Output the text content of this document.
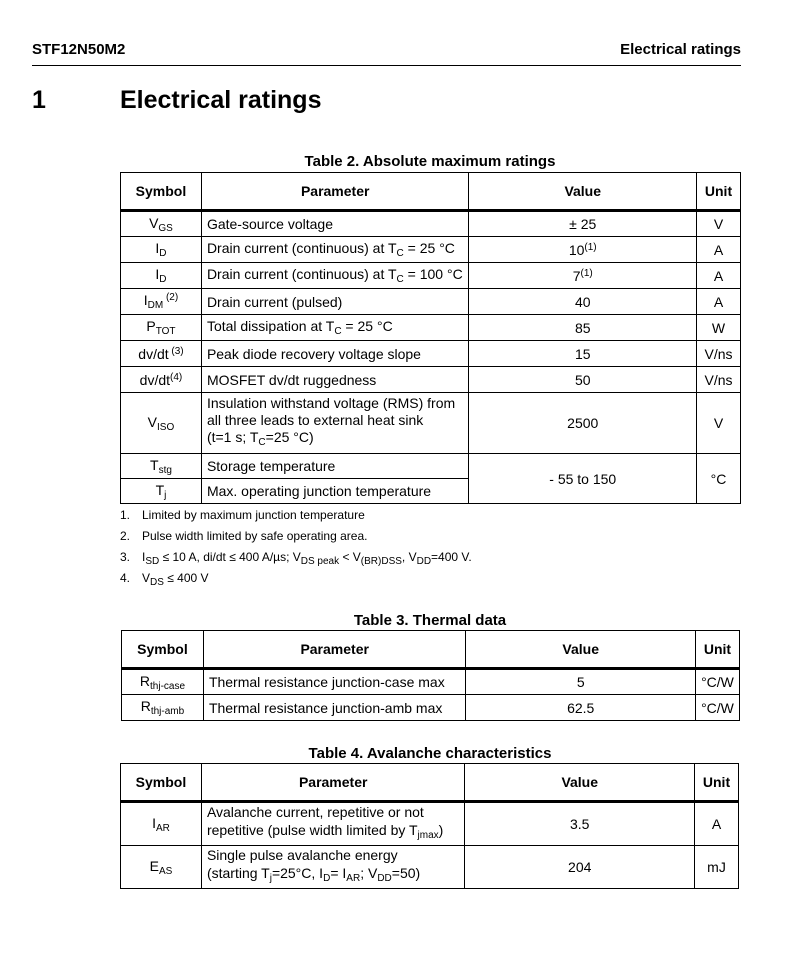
STF12N50M2	Electrical ratings
1	Electrical ratings
Table 2. Absolute maximum ratings
Symbol	Parameter	Value	Unit
$V_{GS}$	Gate-source voltage	± 25	V
$I_D$	Drain current (continuous) at $T_C = 25$ °C	10$^{(1)}$	A
$I_D$	Drain current (continuous) at $T_C = 100$ °C	7$^{(1)}$	A
$I_{DM}$ $^{(2)}$	Drain current (pulsed)	40	A
$P_{TOT}$	Total dissipation at $T_C = 25$ °C	85	W
dv/dt $^{(3)}$	Peak diode recovery voltage slope	15	V/ns
$dv/dt^{(4)}$	MOSFET dv/dt ruggedness	50	V/ns
$V_{ISO}$	Insulation withstand voltage (RMS) from
all three leads to external heat sink
(t=1 s; $T_C=25$ °C)	2500	V
$T_{stg}$	Storage temperature	- 55 to 150	°C
$T_j$	Max. operating junction temperature		
1. Limited by maximum junction temperature
2. Pulse width limited by safe operating area.
3. $I_{SD} \le 10$ A, di/dt ≤ 400 A/µs; $V_{DS peak} < V_{(BR)DSS}$, $V_{DD}=400$ V.
4. $V_{DS} \le 400$ V
Table 3. Thermal data
Symbol	Parameter	Value	Unit
$R_{thj-case}$	Thermal resistance junction-case max	5	°C/W
$R_{thj-amb}$	Thermal resistance junction-amb max	62.5	°C/W
Table 4. Avalanche characteristics
Symbol	Parameter	Value	Unit
$I_{AR}$	Avalanche current, repetitive or not
repetitive (pulse width limited by $T_{jmax}$)	3.5	A
$E_{AS}$	Single pulse avalanche energy
(starting $T_j=25^\circ C$, $I_D= I_{AR}$; $V_{DD}=50$)	204	mJ
